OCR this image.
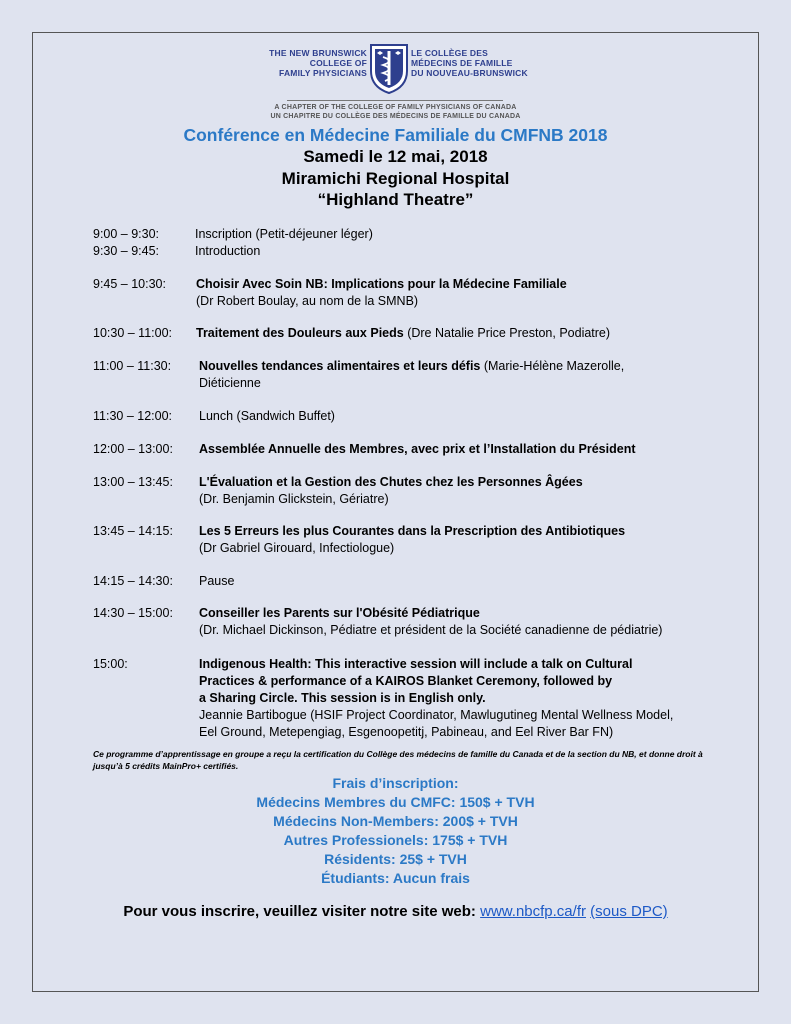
THE NEW BRUNSWICK
COLLEGE OF
FAMILY PHYSICIANS
LE COLLÈGE DES
MÉDECINS DE FAMILLE
DU NOUVEAU-BRUNSWICK
A CHAPTER OF THE COLLEGE OF FAMILY PHYSICIANS OF CANADA
UN CHAPITRE DU COLLÈGE DES MÉDECINS DE FAMILLE DU CANADA
Conférence en Médecine Familiale du CMFNB 2018
Samedi le 12 mai, 2018
Miramichi Regional Hospital
“Highland Theatre”
9:00 – 9:30:	Inscription (Petit-déjeuner léger)
9:30 – 9:45:	Introduction
9:45 – 10:30: Choisir Avec Soin NB: Implications pour la Médecine Familiale
(Dr Robert Boulay, au nom de la SMNB)
10:30 – 11:00: Traitement des Douleurs aux Pieds (Dre Natalie Price Preston, Podiatre)
11:00 – 11:30: Nouvelles tendances alimentaires et leurs défis (Marie-Hélène Mazerolle,
Diéticienne
11:30 – 12:00: Lunch (Sandwich Buffet)
12:00 – 13:00: Assemblée Annuelle des Membres, avec prix et l’Installation du Président
13:00 – 13:45: L'Évaluation et la Gestion des Chutes chez les Personnes Âgées
(Dr. Benjamin Glickstein, Gériatre)
13:45 – 14:15: Les 5 Erreurs les plus Courantes dans la Prescription des Antibiotiques
(Dr Gabriel Girouard, Infectiologue)
14:15 – 14:30: Pause
14:30 – 15:00: Conseiller les Parents sur l'Obésité Pédiatrique
(Dr. Michael Dickinson, Pédiatre et président de la Société canadienne de pédiatrie)
15:00:	Indigenous Health: This interactive session will include a talk on Cultural
Practices & performance of a KAIROS Blanket Ceremony, followed by
a Sharing Circle. This session is in English only.
Jeannie Bartibogue (HSIF Project Coordinator, Mawlugutineg Mental Wellness Model,
Eel Ground, Metepengiag, Esgenoopetitj, Pabineau, and Eel River Bar FN)
Ce programme d’apprentissage en groupe a reçu la certification du Collège des médecins de famille du Canada et de la section du NB, et donne droit à jusqu’à 5 crédits MainPro+ certifiés.
Frais d’inscription:
Médecins Membres du CMFC: 150$ + TVH
Médecins Non-Members: 200$ + TVH
Autres Professionels: 175$ + TVH
Résidents: 25$ + TVH
Étudiants: Aucun frais
Pour vous inscrire, veuillez visiter notre site web: www.nbcfp.ca/fr (sous DPC)
